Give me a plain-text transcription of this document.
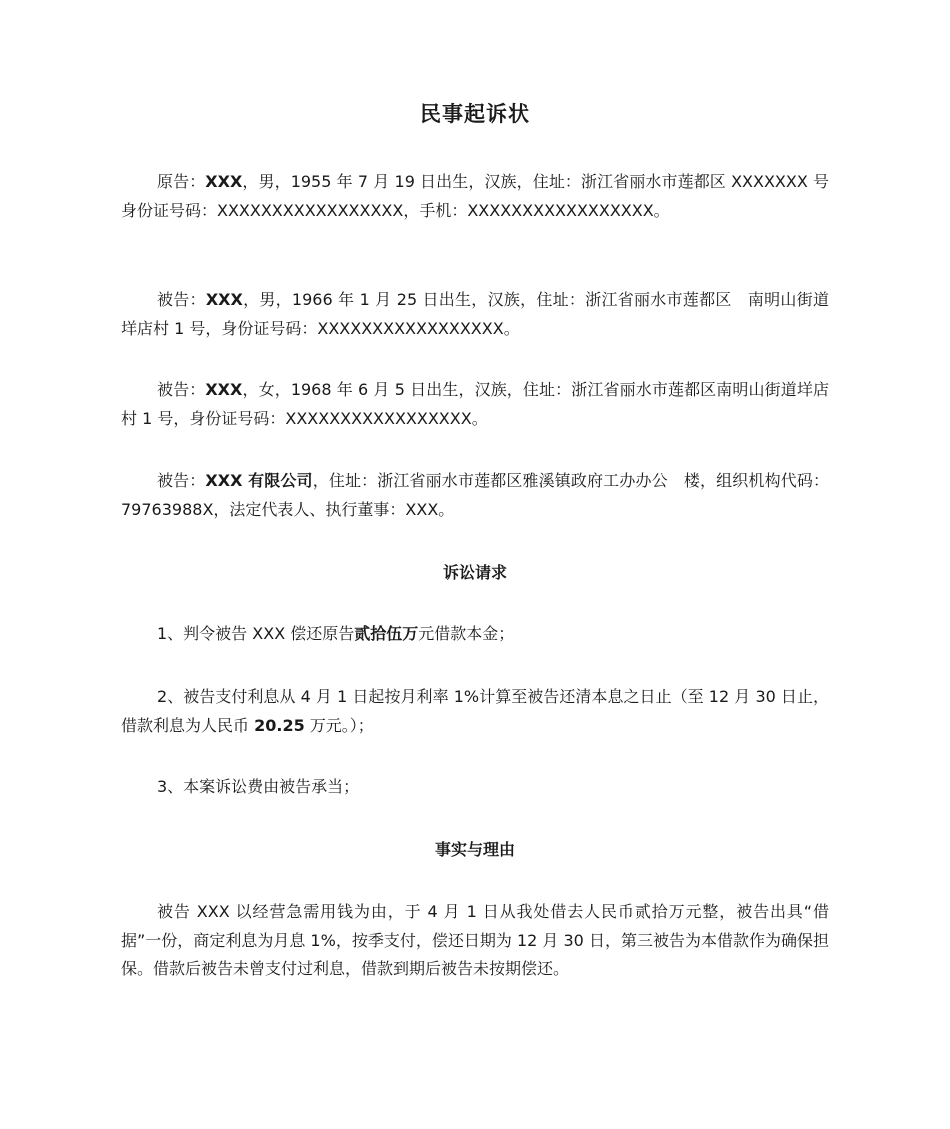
民事起诉状

原告：XXX，男，1955 年 7 月 19 日出生，汉族，住址：浙江省丽水市莲都区 XXXXXXX 号身份证号码：XXXXXXXXXXXXXXXXX，手机：XXXXXXXXXXXXXXXXX。

被告：XXX，男，1966 年 1 月 25 日出生，汉族，住址：浙江省丽水市莲都区　南明山街道垟店村 1 号，身份证号码：XXXXXXXXXXXXXXXXX。

被告：XXX，女，1968 年 6 月 5 日出生，汉族，住址：浙江省丽水市莲都区南明山街道垟店村 1 号，身份证号码：XXXXXXXXXXXXXXXXX。

被告：XXX 有限公司，住址：浙江省丽水市莲都区雅溪镇政府工办办公　楼，组织机构代码：79763988X，法定代表人、执行董事：XXX。

诉讼请求

1、判令被告 XXX 偿还原告贰拾伍万元借款本金；

2、被告支付利息从 4 月 1 日起按月利率 1%计算至被告还清本息之日止（至 12 月 30 日止，借款利息为人民币 20.25 万元。）；

3、本案诉讼费由被告承当；

事实与理由

被告 XXX 以经营急需用钱为由，于 4 月 1 日从我处借去人民币贰拾万元整，被告出具“借据”一份，商定利息为月息 1%，按季支付，偿还日期为 12 月 30 日，第三被告为本借款作为确保担保。借款后被告未曾支付过利息，借款到期后被告未按期偿还。
